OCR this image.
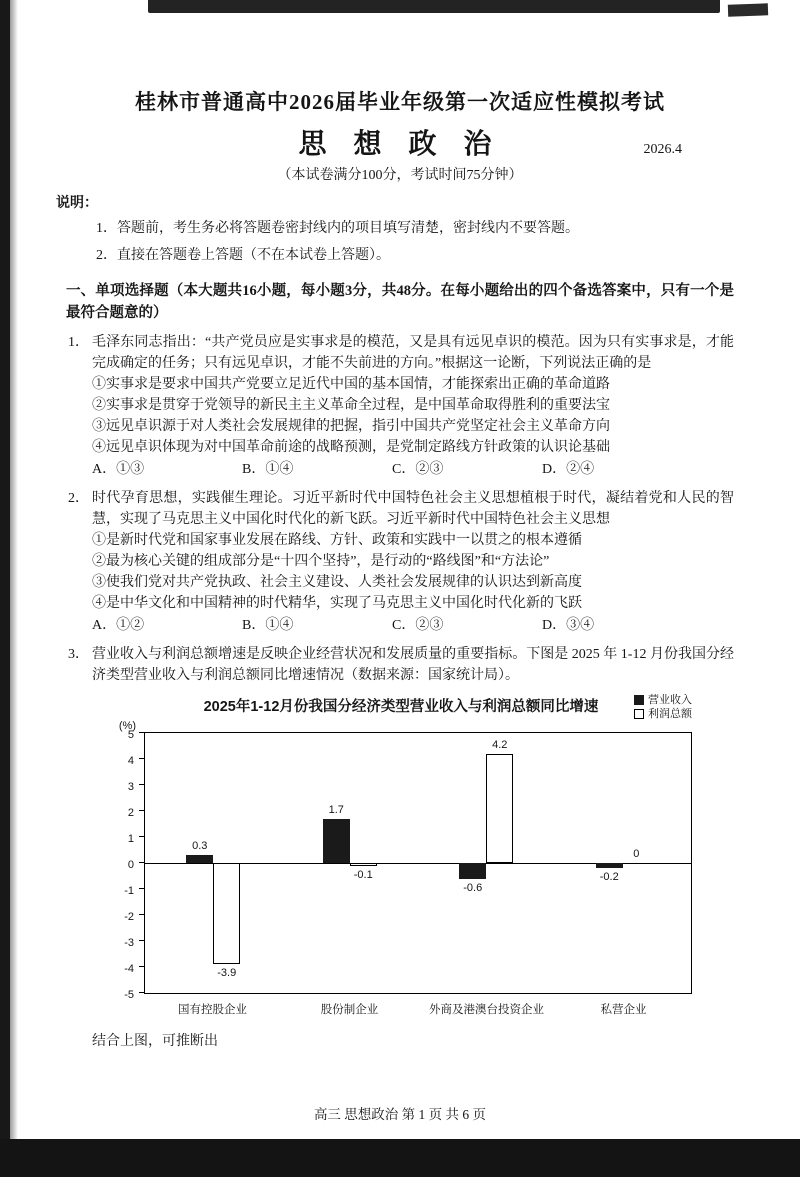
桂林市普通高中2026届毕业年级第一次适应性模拟考试
思 想 政 治	2026.4
（本试卷满分100分，考试时间75分钟）
说明：
1．答题前，考生务必将答题卷密封线内的项目填写清楚，密封线内不要答题。
2．直接在答题卷上答题（不在本试卷上答题）。
一、单项选择题（本大题共16小题，每小题3分，共48分。在每小题给出的四个备选答案中，只有一个是最符合题意的）
1． 毛泽东同志指出：“共产党员应是实事求是的模范，又是具有远见卓识的模范。因为只有实事求是，才能完成确定的任务；只有远见卓识，才能不失前进的方向。”根据这一论断，下列说法正确的是
①实事求是要求中国共产党要立足近代中国的基本国情，才能探索出正确的革命道路
②实事求是贯穿于党领导的新民主主义革命全过程，是中国革命取得胜利的重要法宝
③远见卓识源于对人类社会发展规律的把握，指引中国共产党坚定社会主义革命方向
④远见卓识体现为对中国革命前途的战略预测，是党制定路线方针政策的认识论基础
A．①③	B．①④	C．②③	D．②④
2． 时代孕育思想，实践催生理论。习近平新时代中国特色社会主义思想植根于时代，凝结着党和人民的智慧，实现了马克思主义中国化时代化的新飞跃。习近平新时代中国特色社会主义思想
①是新时代党和国家事业发展在路线、方针、政策和实践中一以贯之的根本遵循
②最为核心关键的组成部分是“十四个坚持”，是行动的“路线图”和“方法论”
③使我们党对共产党执政、社会主义建设、人类社会发展规律的认识达到新高度
④是中华文化和中国精神的时代精华，实现了马克思主义中国化时代化新的飞跃
A．①②	B．①④	C．②③	D．③④
3． 营业收入与利润总额增速是反映企业经营状况和发展质量的重要指标。下图是 2025 年 1-12 月份我国分经济类型营业收入与利润总额同比增速情况（数据来源：国家统计局）。
2025年1-12月份我国分经济类型营业收入与利润总额同比增速	营业收入
利润总额
(%)
5
4
3
2
1
0
-1
-2
-3
-4
-5
0.3
-3.9
1.7
-0.1
-0.6
4.2
-0.2
0
国有控股企业	股份制企业	外商及港澳台投资企业	私营企业
结合上图，可推断出
高三 思想政治 第 1 页 共 6 页
